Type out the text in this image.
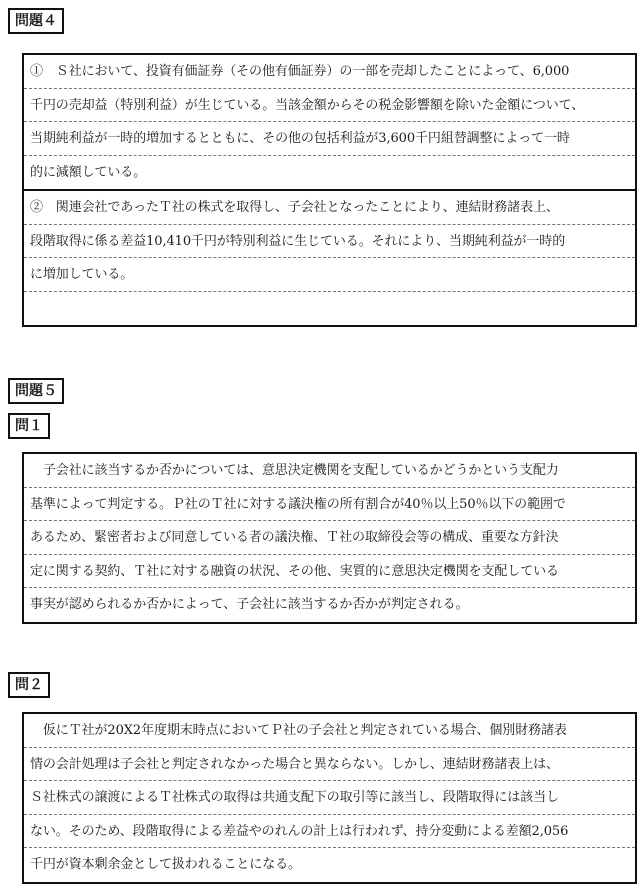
問題４
①　Ｓ社において、投資有価証券（その他有価証券）の一部を売却したことによって、6,000
千円の売却益（特別利益）が生じている。当該金額からその税金影響額を除いた金額について、
当期純利益が一時的増加するとともに、その他の包括利益が3,600千円組替調整によって一時
的に減額している。
②　関連会社であったＴ社の株式を取得し、子会社となったことにより、連結財務諸表上、
段階取得に係る差益10,410千円が特別利益に生じている。それにより、当期純利益が一時的
に増加している。
問題５
問１
　子会社に該当するか否かについては、意思決定機関を支配しているかどうかという支配力
基準によって判定する。Ｐ社のＴ社に対する議決権の所有割合が40％以上50％以下の範囲で
あるため、緊密者および同意している者の議決権、Ｔ社の取締役会等の構成、重要な方針決
定に関する契約、Ｔ社に対する融資の状況、その他、実質的に意思決定機関を支配している
事実が認められるか否かによって、子会社に該当するか否かが判定される。
問２
　仮にＴ社が20X2年度期末時点においてＰ社の子会社と判定されている場合、個別財務諸表
情の会計処理は子会社と判定されなかった場合と異ならない。しかし、連結財務諸表上は、
Ｓ社株式の譲渡によるＴ社株式の取得は共通支配下の取引等に該当し、段階取得には該当し
ない。そのため、段階取得による差益やのれんの計上は行われず、持分変動による差額2,056
千円が資本剰余金として扱われることになる。
